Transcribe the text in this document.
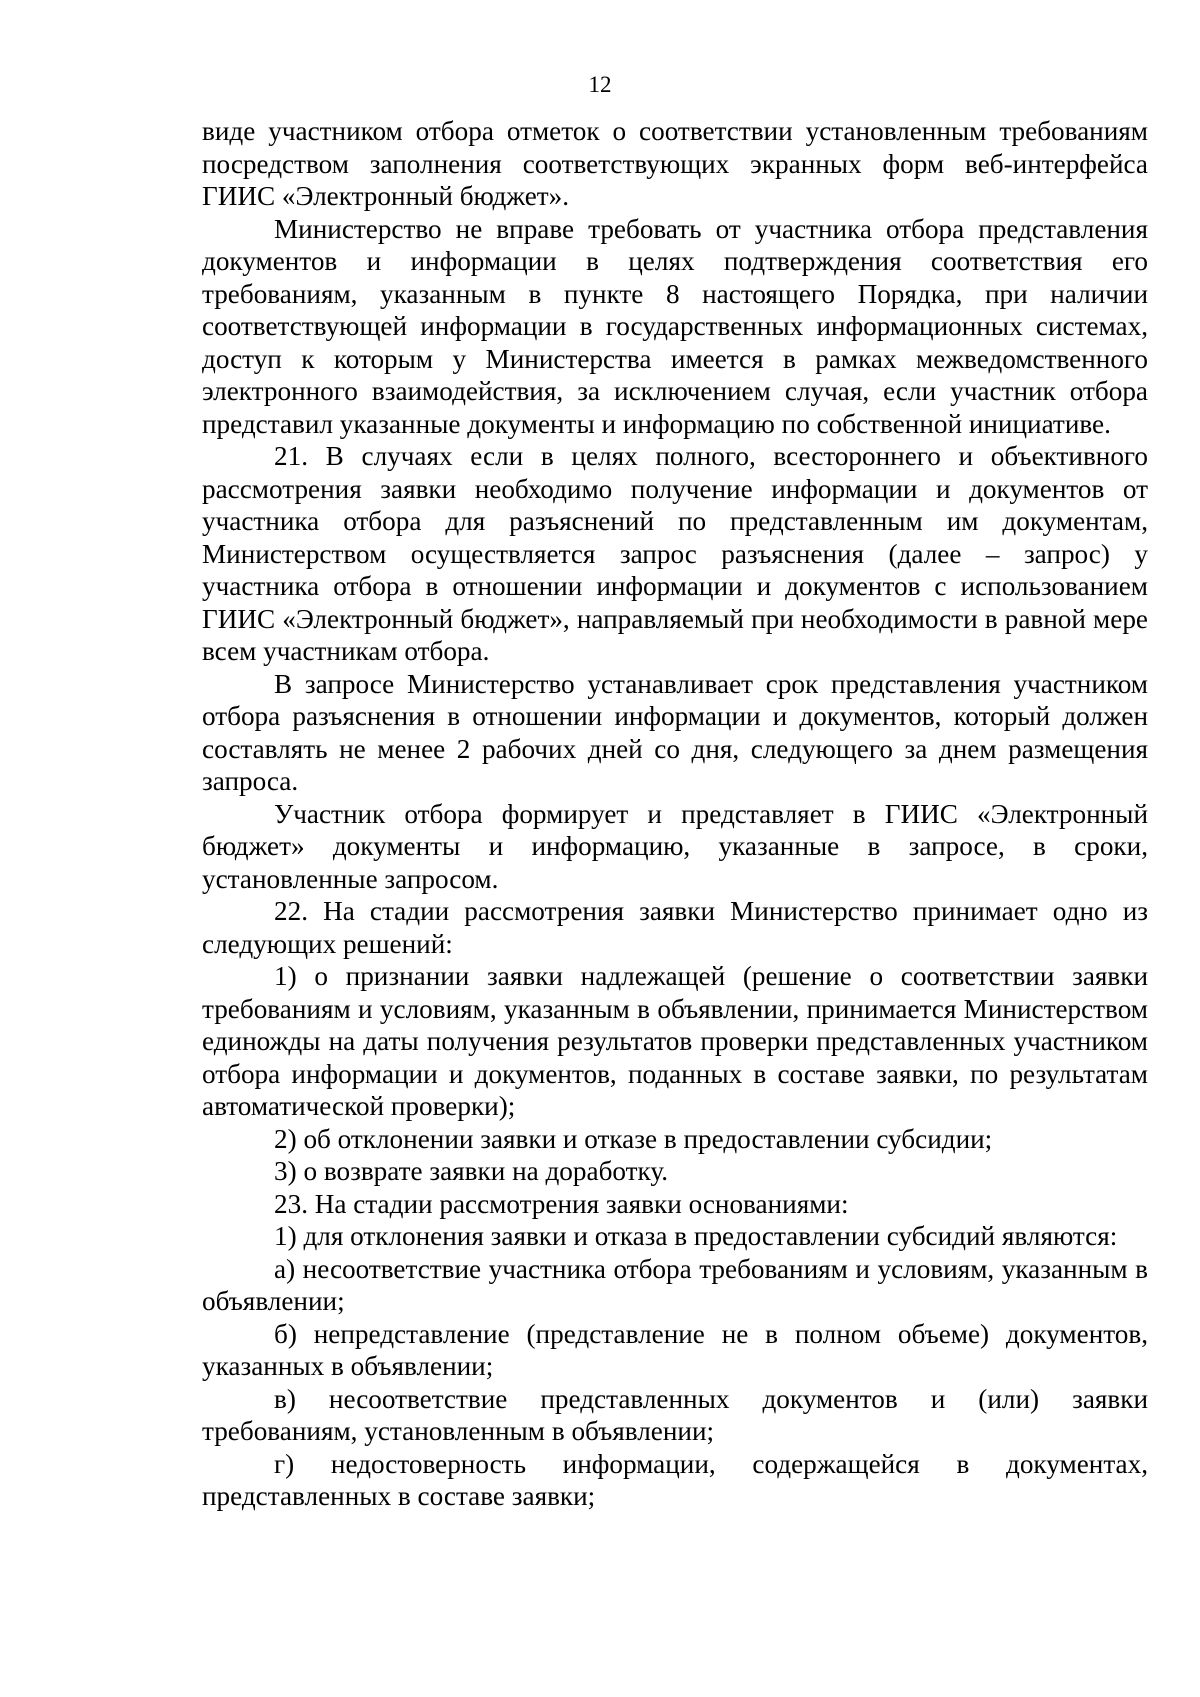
12

виде участником отбора отметок о соответствии установленным требованиям посредством заполнения соответствующих экранных форм веб-интерфейса ГИИС «Электронный бюджет».

Министерство не вправе требовать от участника отбора представления документов и информации в целях подтверждения соответствия его требованиям, указанным в пункте 8 настоящего Порядка, при наличии соответствующей информации в государственных информационных системах, доступ к которым у Министерства имеется в рамках межведомственного электронного взаимодействия, за исключением случая, если участник отбора представил указанные документы и информацию по собственной инициативе.

21. В случаях если в целях полного, всестороннего и объективного рассмотрения заявки необходимо получение информации и документов от участника отбора для разъяснений по представленным им документам, Министерством осуществляется запрос разъяснения (далее – запрос) у участника отбора в отношении информации и документов с использованием ГИИС «Электронный бюджет», направляемый при необходимости в равной мере всем участникам отбора.

В запросе Министерство устанавливает срок представления участником отбора разъяснения в отношении информации и документов, который должен составлять не менее 2 рабочих дней со дня, следующего за днем размещения запроса.

Участник отбора формирует и представляет в ГИИС «Электронный бюджет» документы и информацию, указанные в запросе, в сроки, установленные запросом.

22. На стадии рассмотрения заявки Министерство принимает одно из следующих решений:

1) о признании заявки надлежащей (решение о соответствии заявки требованиям и условиям, указанным в объявлении, принимается Министерством единожды на даты получения результатов проверки представленных участником отбора информации и документов, поданных в составе заявки, по результатам автоматической проверки);

2) об отклонении заявки и отказе в предоставлении субсидии;

3) о возврате заявки на доработку.

23. На стадии рассмотрения заявки основаниями:

1) для отклонения заявки и отказа в предоставлении субсидий являются:

а) несоответствие участника отбора требованиям и условиям, указанным в объявлении;

б) непредставление (представление не в полном объеме) документов, указанных в объявлении;

в) несоответствие представленных документов и (или) заявки требованиям, установленным в объявлении;

г) недостоверность информации, содержащейся в документах, представленных в составе заявки;
